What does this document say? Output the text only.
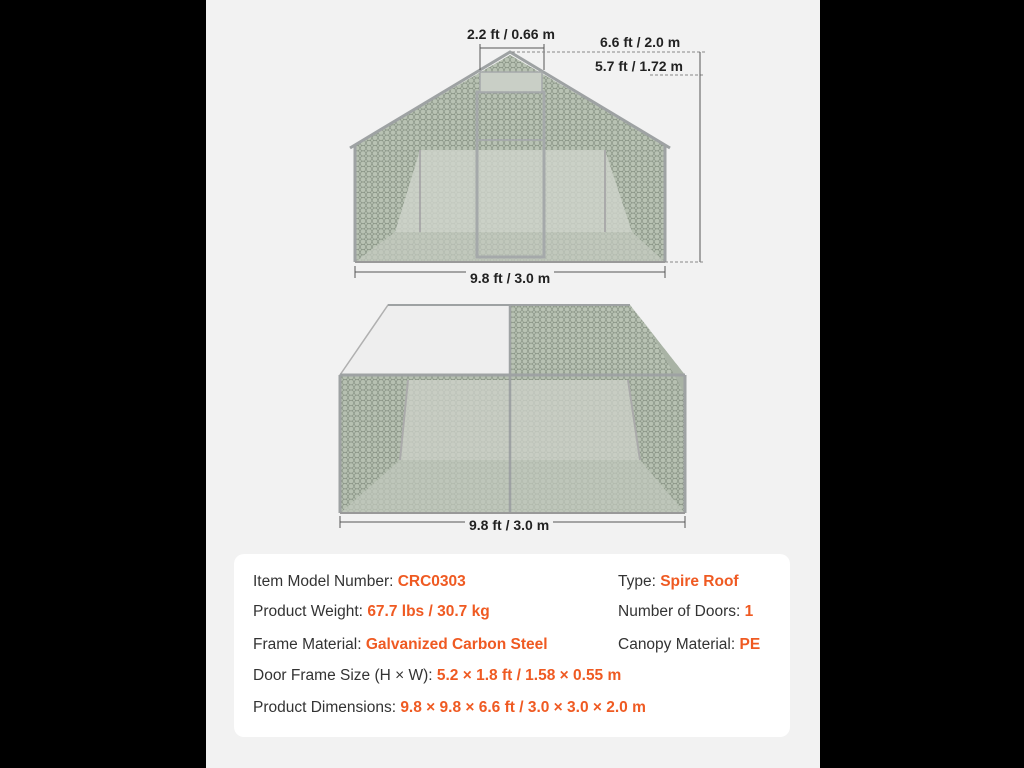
2.2 ft / 0.66 m	6.6 ft / 2.0 m
5.7 ft / 1.72 m
9.8 ft / 3.0 m
9.8 ft / 3.0 m
Item Model Number: CRC0303	Type: Spire Roof
Product Weight: 67.7 lbs / 30.7 kg	Number of Doors: 1
Frame Material: Galvanized Carbon Steel	Canopy Material: PE
Door Frame Size (H × W): 5.2 × 1.8 ft / 1.58 × 0.55 m
Product Dimensions: 9.8 × 9.8 × 6.6 ft / 3.0 × 3.0 × 2.0 m
